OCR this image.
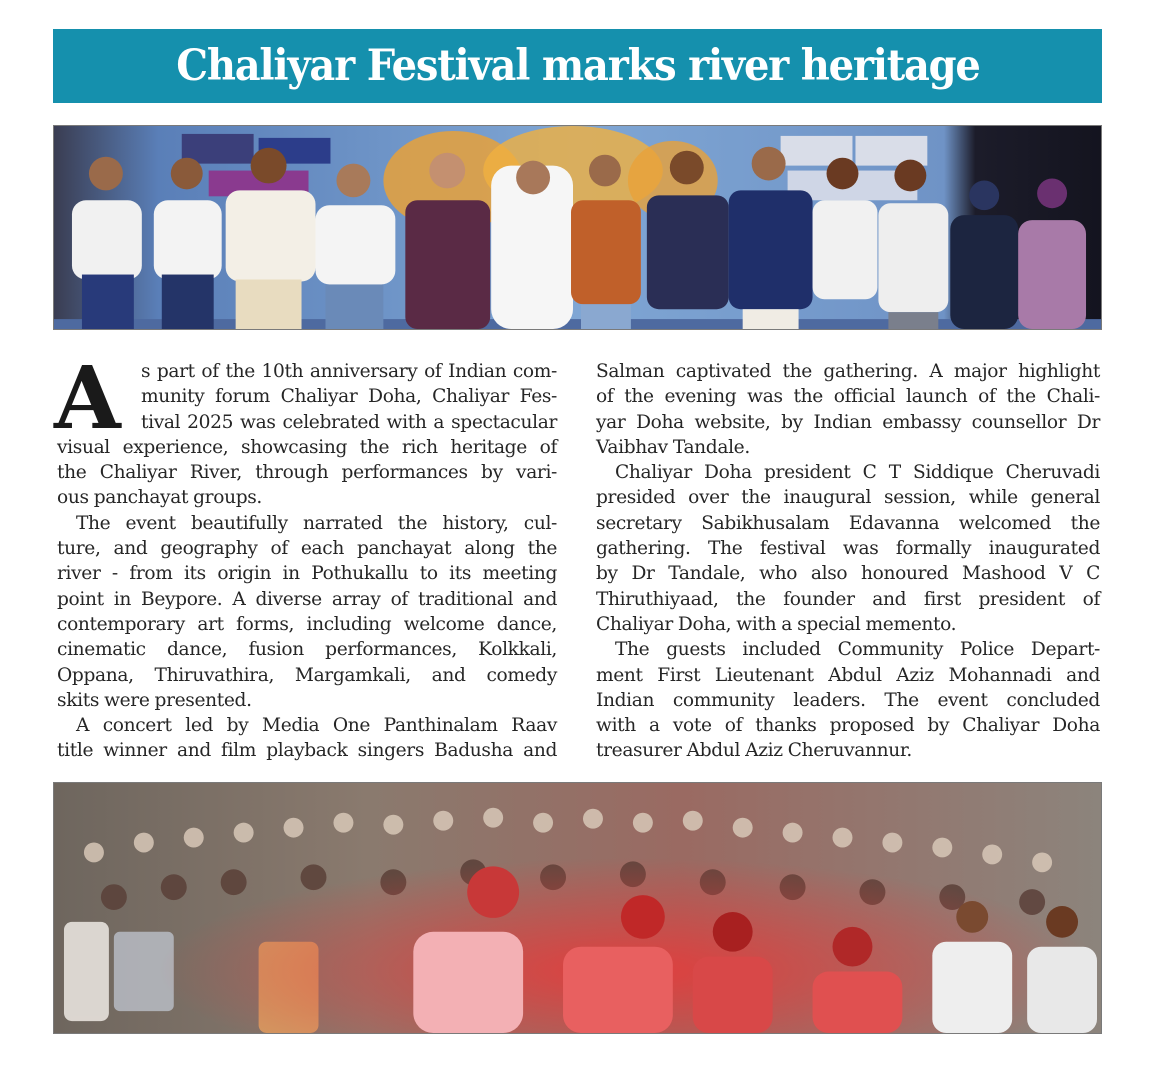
Chaliyar Festival marks river heritage
A	s part of the 10th anniversary of Indian com-
munity forum Chaliyar Doha, Chaliyar Fes-
tival 2025 was celebrated with a spectacular
visual experience, showcasing the rich heritage of
the Chaliyar River, through performances by vari-
ous panchayat groups.
The event beautifully narrated the history, cul-
ture, and geography of each panchayat along the
river - from its origin in Pothukallu to its meeting
point in Beypore. A diverse array of traditional and
contemporary art forms, including welcome dance,
cinematic dance, fusion performances, Kolkkali,
Oppana, Thiruvathira, Margamkali, and comedy
skits were presented.
A concert led by Media One Panthinalam Raav
title winner and film playback singers Badusha and
Salman captivated the gathering. A major highlight
of the evening was the official launch of the Chali-
yar Doha website, by Indian embassy counsellor Dr
Vaibhav Tandale.
Chaliyar Doha president C T Siddique Cheruvadi
presided over the inaugural session, while general
secretary Sabikhusalam Edavanna welcomed the
gathering. The festival was formally inaugurated
by Dr Tandale, who also honoured Mashood V C
Thiruthiyaad, the founder and first president of
Chaliyar Doha, with a special memento.
The guests included Community Police Depart-
ment First Lieutenant Abdul Aziz Mohannadi and
Indian community leaders. The event concluded
with a vote of thanks proposed by Chaliyar Doha
treasurer Abdul Aziz Cheruvannur.
